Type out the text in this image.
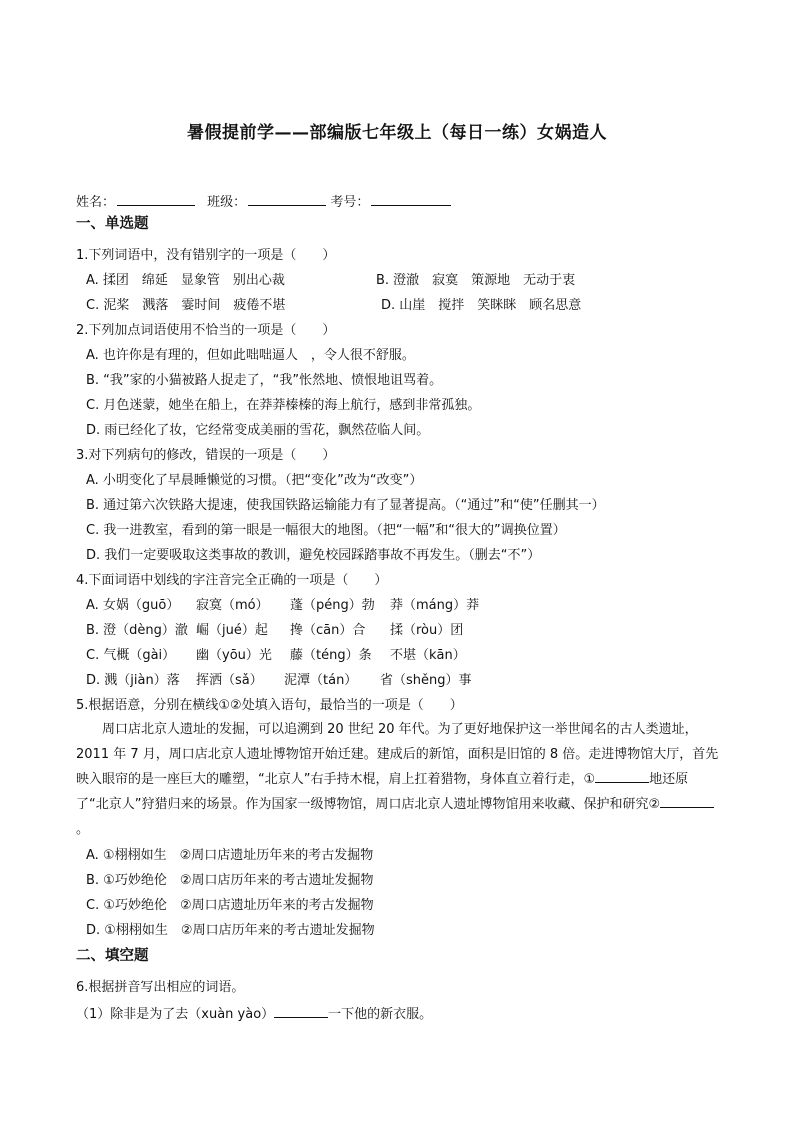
暑假提前学——部编版七年级上（每日一练）女娲造人
姓名：	班级：	考号：
一、单选题
1.下列词语中，没有错别字的一项是（　　）
A. 揉团　绵延　显象管　别出心裁	B. 澄澈　寂寞　策源地　无动于衷
C. 泥桨　溅落　霎时间　疲倦不堪	D. 山崖　搅拌　笑眯眯　顾名思意
2.下列加点词语使用不恰当的一项是（　　）
A. 也许你是有理的，但如此咄咄逼人　，令人很不舒服。
B. “我”家的小猫被路人捉走了，“我”怅然地、愤恨地诅骂着。
C. 月色迷蒙，她坐在船上，在莽莽榛榛的海上航行，感到非常孤独。
D. 雨已经化了妆，它经常变成美丽的雪花，飘然莅临人间。
3.对下列病句的修改，错误的一项是（　　）
A. 小明变化了早晨睡懒觉的习惯。（把“变化”改为“改变”）
B. 通过第六次铁路大提速，使我国铁路运输能力有了显著提高。（“通过”和“使”任删其一）
C. 我一进教室，看到的第一眼是一幅很大的地图。（把“一幅”和“很大的”调换位置）
D. 我们一定要吸取这类事故的教训，避免校园踩踏事故不再发生。（删去“不”）
4.下面词语中划线的字注音完全正确的一项是（　　）
A. 女娲（guō） 寂寞（mó） 蓬（péng）勃 莽（máng）莽
B. 澄（dèng）澈 崛（jué）起 搀（cān）合 揉（ròu）团
C. 气概（gài） 幽（yōu）光 藤（téng）条 不堪（kān）
D. 溅（jiàn）落 挥洒（sǎ） 泥潭（tán） 省（shěng）事
5.根据语意，分别在横线①②处填入语句，最恰当的一项是（　　）
周口店北京人遗址的发掘，可以追溯到 20 世纪 20 年代。为了更好地保护这一举世闻名的古人类遗址，2011 年 7 月，周口店北京人遗址博物馆开始迁建。建成后的新馆，面积是旧馆的 8 倍。走进博物馆大厅，首先映入眼帘的是一座巨大的雕塑，“北京人”右手持木棍，肩上扛着猎物，身体直立着行走，①	地还原了“北京人”狩猎归来的场景。作为国家一级博物馆，周口店北京人遗址博物馆用来收藏、保护和研究②。
A. ①栩栩如生　②周口店遗址历年来的考古发掘物
B. ①巧妙绝伦　②周口店历年来的考古遗址发掘物
C. ①巧妙绝伦　②周口店遗址历年来的考古发掘物
D. ①栩栩如生　②周口店历年来的考古遗址发掘物
二、填空题
6.根据拼音写出相应的词语。
（1）除非是为了去（xuàn yào）	一下他的新衣服。
